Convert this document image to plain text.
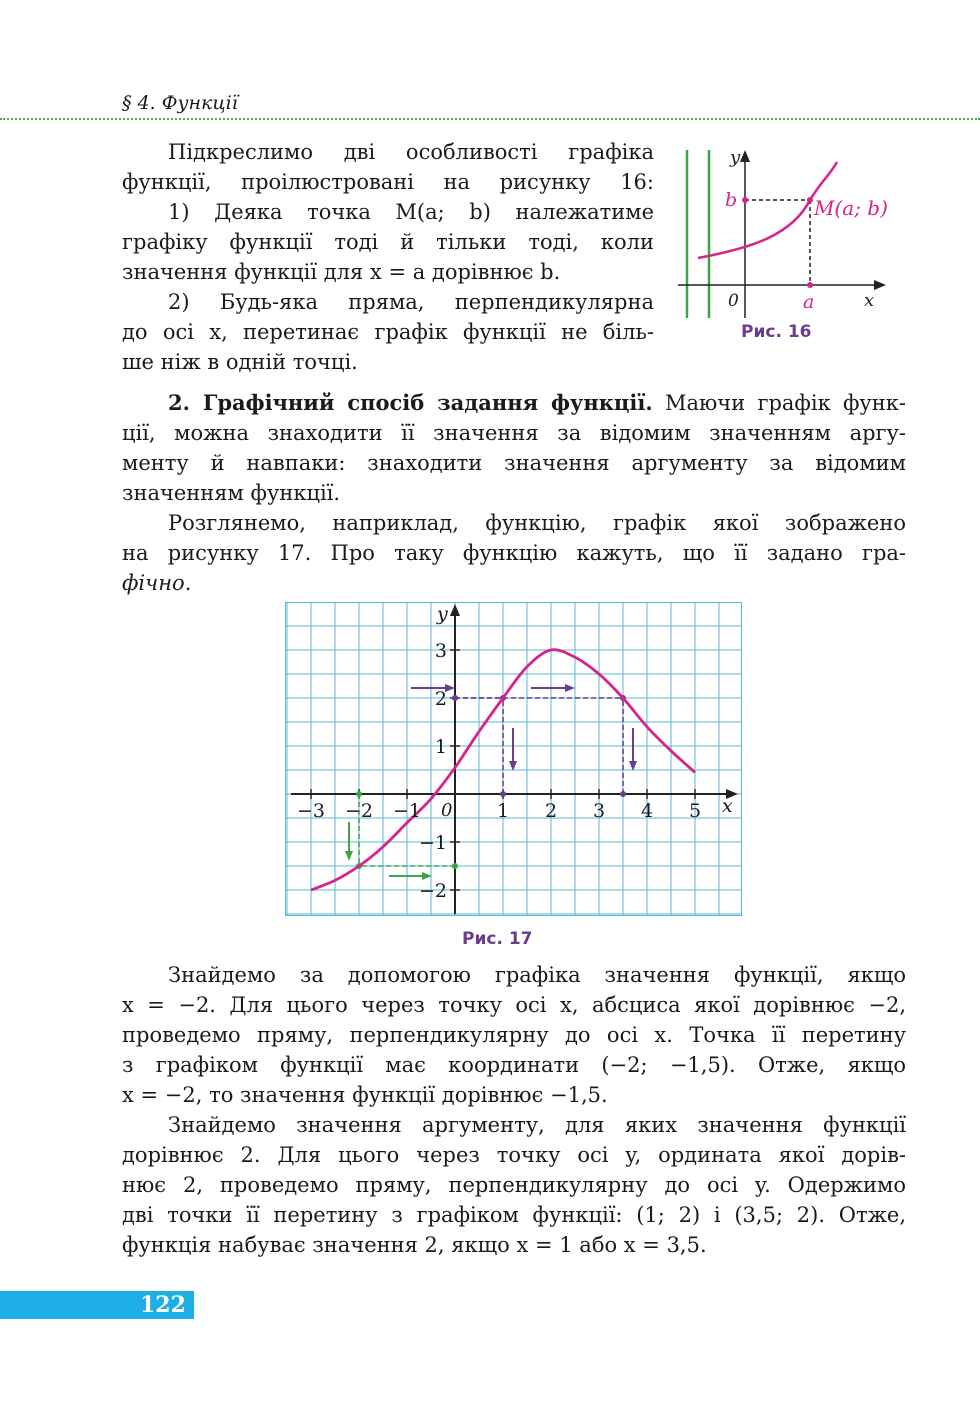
§ 4. Функції
Підкреслимо дві особливості графіка
функції, проілюстровані на рисунку 16:
1) Деяка точка M(a; b) належатиме
графіку функції тоді й тільки тоді, коли
значення функції для x = a дорівнює b.
2) Будь-яка пряма, перпендикулярна
до осі x, перетинає графік функції не біль-
ше ніж в одній точці.
y
x
0
b
a
M(a; b)
Рис. 16
2. Графічний спосіб задання функції. Маючи графік функ-
ції, можна знаходити її значення за відомим значенням аргу-
менту й навпаки: знаходити значення аргументу за відомим
значенням функції.
Розглянемо, наприклад, функцію, графік якої зображено
на рисунку 17. Про таку функцію кажуть, що її задано гра-
фічно.
−3 −2 −1	1 2 3 4 5
3
2
1
−1
−2
0	x
y
Рис. 17
Знайдемо за допомогою графіка значення функції, якщо
x = −2. Для цього через точку осі x, абсциса якої дорівнює −2,
проведемо пряму, перпендикулярну до осі x. Точка її перетину
з графіком функції має координати (−2; −1,5). Отже, якщо
x = −2, то значення функції дорівнює −1,5.
Знайдемо значення аргументу, для яких значення функції
дорівнює 2. Для цього через точку осі y, ордината якої дорів-
нює 2, проведемо пряму, перпендикулярну до осі y. Одержимо
дві точки її перетину з графіком функції: (1; 2) і (3,5; 2). Отже,
функція набуває значення 2, якщо x = 1 або x = 3,5.
122
